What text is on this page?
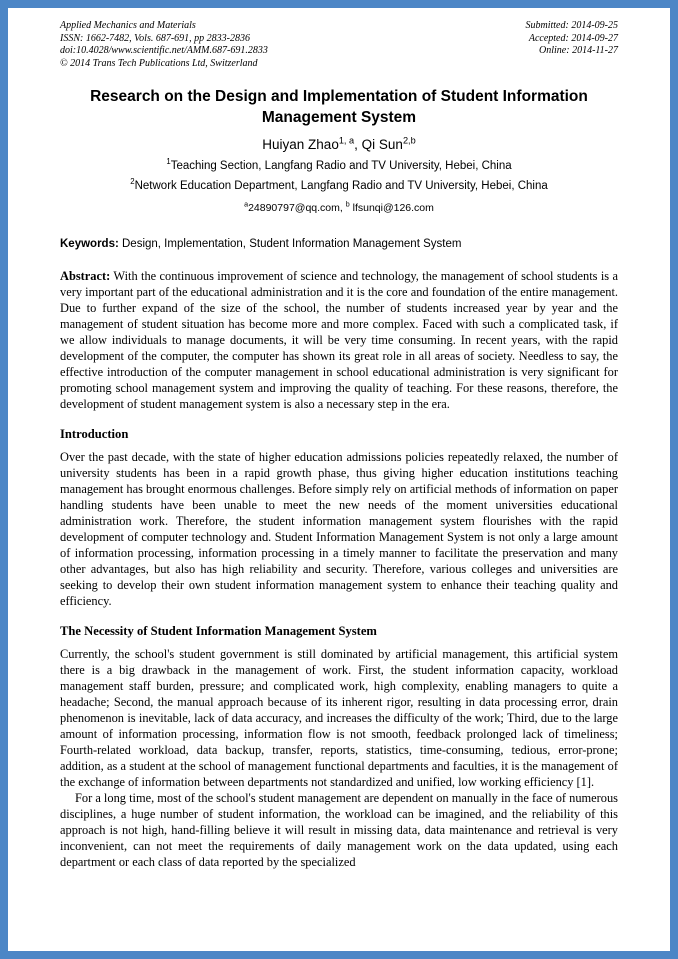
Applied Mechanics and Materials
ISSN: 1662-7482, Vols. 687-691, pp 2833-2836
doi:10.4028/www.scientific.net/AMM.687-691.2833
© 2014 Trans Tech Publications Ltd, Switzerland
Submitted: 2014-09-25
Accepted: 2014-09-27
Online: 2014-11-27
Research on the Design and Implementation of Student Information Management System
Huiyan Zhao$^{1, a}$, Qi Sun$^{2,b}$
$^1$Teaching Section, Langfang Radio and TV University, Hebei, China
$^2$Network Education Department, Langfang Radio and TV University, Hebei, China
$^a$24890797@qq.com, $^b$ lfsunqi@126.com

Keywords: Design, Implementation, Student Information Management System

Abstract: With the continuous improvement of science and technology, the management of school students is a very important part of the educational administration and it is the core and foundation of the entire management. Due to further expand of the size of the school, the number of students increased year by year and the management of student situation has become more and more complex. Faced with such a complicated task, if we allow individuals to manage documents, it will be very time consuming. In recent years, with the rapid development of the computer, the computer has shown its great role in all areas of society. Needless to say, the effective introduction of the computer management in school educational administration is very significant for promoting school management system and improving the quality of teaching. For these reasons, therefore, the development of student management system is also a necessary step in the era.

Introduction

Over the past decade, with the state of higher education admissions policies repeatedly relaxed, the number of university students has been in a rapid growth phase, thus giving higher education institutions teaching management has brought enormous challenges. Before simply rely on artificial methods of information on paper handling students have been unable to meet the new needs of the moment universities educational administration work. Therefore, the student information management system flourishes with the rapid development of computer technology and. Student Information Management System is not only a large amount of information processing, information processing in a timely manner to facilitate the preservation and many other advantages, but also has high reliability and security. Therefore, various colleges and universities are seeking to develop their own student information management system to enhance their teaching quality and efficiency.

The Necessity of Student Information Management System

Currently, the school's student government is still dominated by artificial management, this artificial system there is a big drawback in the management of work. First, the student information capacity, workload management staff burden, pressure; and complicated work, high complexity, enabling managers to quite a headache; Second, the manual approach because of its inherent rigor, resulting in data processing error, drain phenomenon is inevitable, lack of data accuracy, and increases the difficulty of the work; Third, due to the large amount of information processing, information flow is not smooth, feedback prolonged lack of timeliness; Fourth-related workload, data backup, transfer, reports, statistics, time-consuming, tedious, error-prone; addition, as a student at the school of management functional departments and faculties, it is the management of the exchange of information between departments not standardized and unified, low working efficiency [1].

For a long time, most of the school's student management are dependent on manually in the face of numerous disciplines, a huge number of student information, the workload can be imagined, and the reliability of this approach is not high, hand-filling believe it will result in missing data, data maintenance and retrieval is very inconvenient, can not meet the requirements of daily management work on the data updated, using each department or each class of data reported by the specialized
